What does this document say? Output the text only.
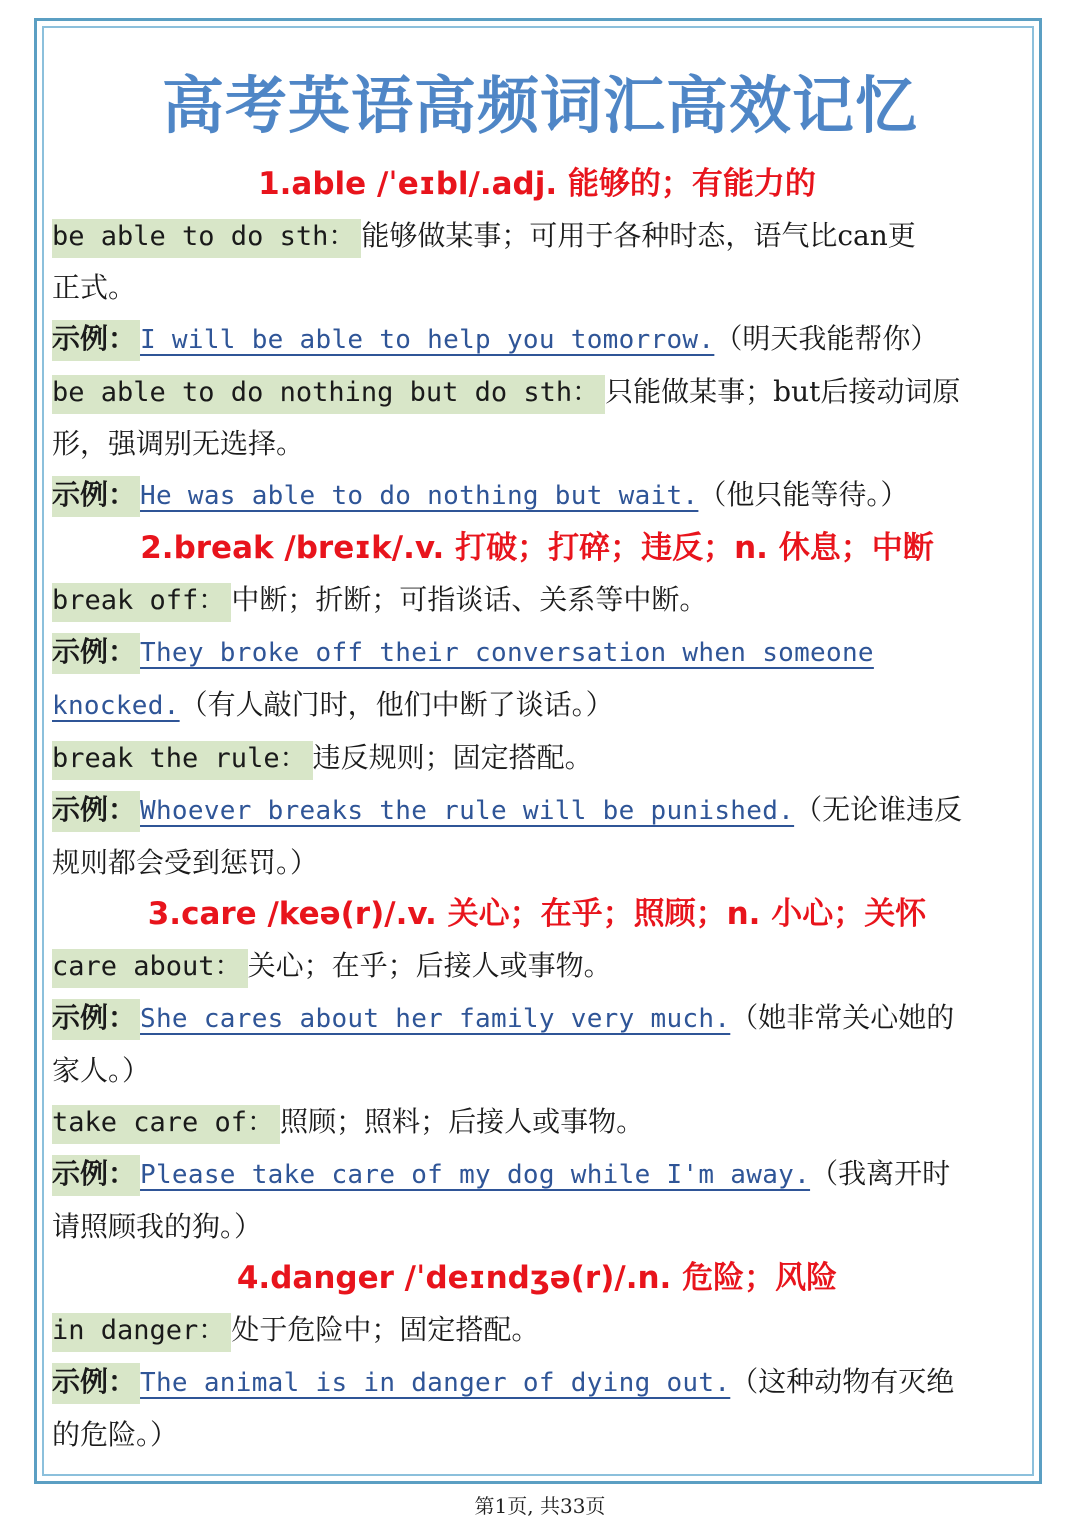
高考英语高频词汇高效记忆
1.able /ˈeɪbl/.adj. 能够的；有能力的
be able to do sth： 能够做某事；可用于各种时态，语气比can更
正式。
示例： I will be able to help you tomorrow.（明天我能帮你）
be able to do nothing but do sth： 只能做某事；but后接动词原
形，强调别无选择。
示例： He was able to do nothing but wait.（他只能等待。）
2.break /breɪk/.v. 打破；打碎；违反；n. 休息；中断
break off： 中断；折断；可指谈话、关系等中断。
示例： They broke off their conversation when someone
knocked.（有人敲门时，他们中断了谈话。）
break the rule： 违反规则；固定搭配。
示例： Whoever breaks the rule will be punished.（无论谁违反
规则都会受到惩罚。）
3.care /keə(r)/.v. 关心；在乎；照顾；n. 小心；关怀
care about： 关心；在乎；后接人或事物。
示例： She cares about her family very much.（她非常关心她的
家人。）
take care of： 照顾；照料；后接人或事物。
示例： Please take care of my dog while I'm away.（我离开时
请照顾我的狗。）
4.danger /ˈdeɪndʒə(r)/.n. 危险；风险
in danger： 处于危险中；固定搭配。
示例： The animal is in danger of dying out.（这种动物有灭绝
的危险。）
第1页, 共33页
